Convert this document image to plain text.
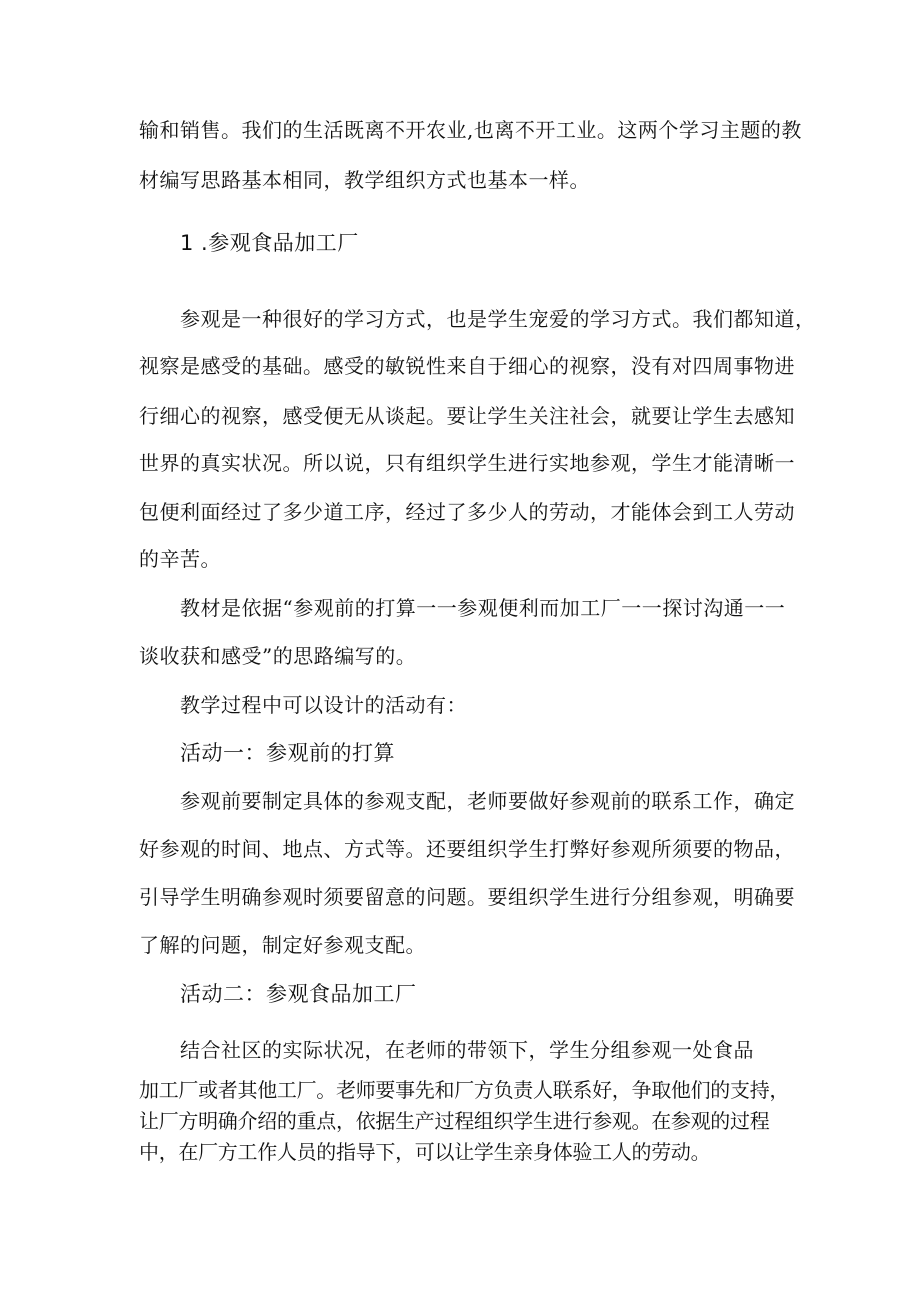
输和销售。我们的生活既离不开农业,也离不开工业。这两个学习主题的教
材编写思路基本相同，教学组织方式也基本一样。
1 .参观食品加工厂
参观是一种很好的学习方式，也是学生宠爱的学习方式。我们都知道，
视察是感受的基础。感受的敏锐性来自于细心的视察，没有对四周事物进
行细心的视察，感受便无从谈起。要让学生关注社会，就要让学生去感知
世界的真实状况。所以说，只有组织学生进行实地参观，学生才能清晰一
包便利面经过了多少道工序，经过了多少人的劳动，才能体会到工人劳动
的辛苦。
教材是依据“参观前的打算一一参观便利而加工厂一一探讨沟通一一
谈收获和感受”的思路编写的。
教学过程中可以设计的活动有：
活动一：参观前的打算
参观前要制定具体的参观支配，老师要做好参观前的联系工作，确定
好参观的时间、地点、方式等。还要组织学生打弊好参观所须要的物品，
引导学生明确参观时须要留意的问题。要组织学生进行分组参观，明确要
了解的问题，制定好参观支配。
活动二：参观食品加工厂
结合社区的实际状况，在老师的带领下，学生分组参观一处食品
加工厂或者其他工厂。老师要事先和厂方负责人联系好，争取他们的支持，
让厂方明确介绍的重点，依据生产过程组织学生进行参观。在参观的过程
中，在厂方工作人员的指导下，可以让学生亲身体验工人的劳动。
